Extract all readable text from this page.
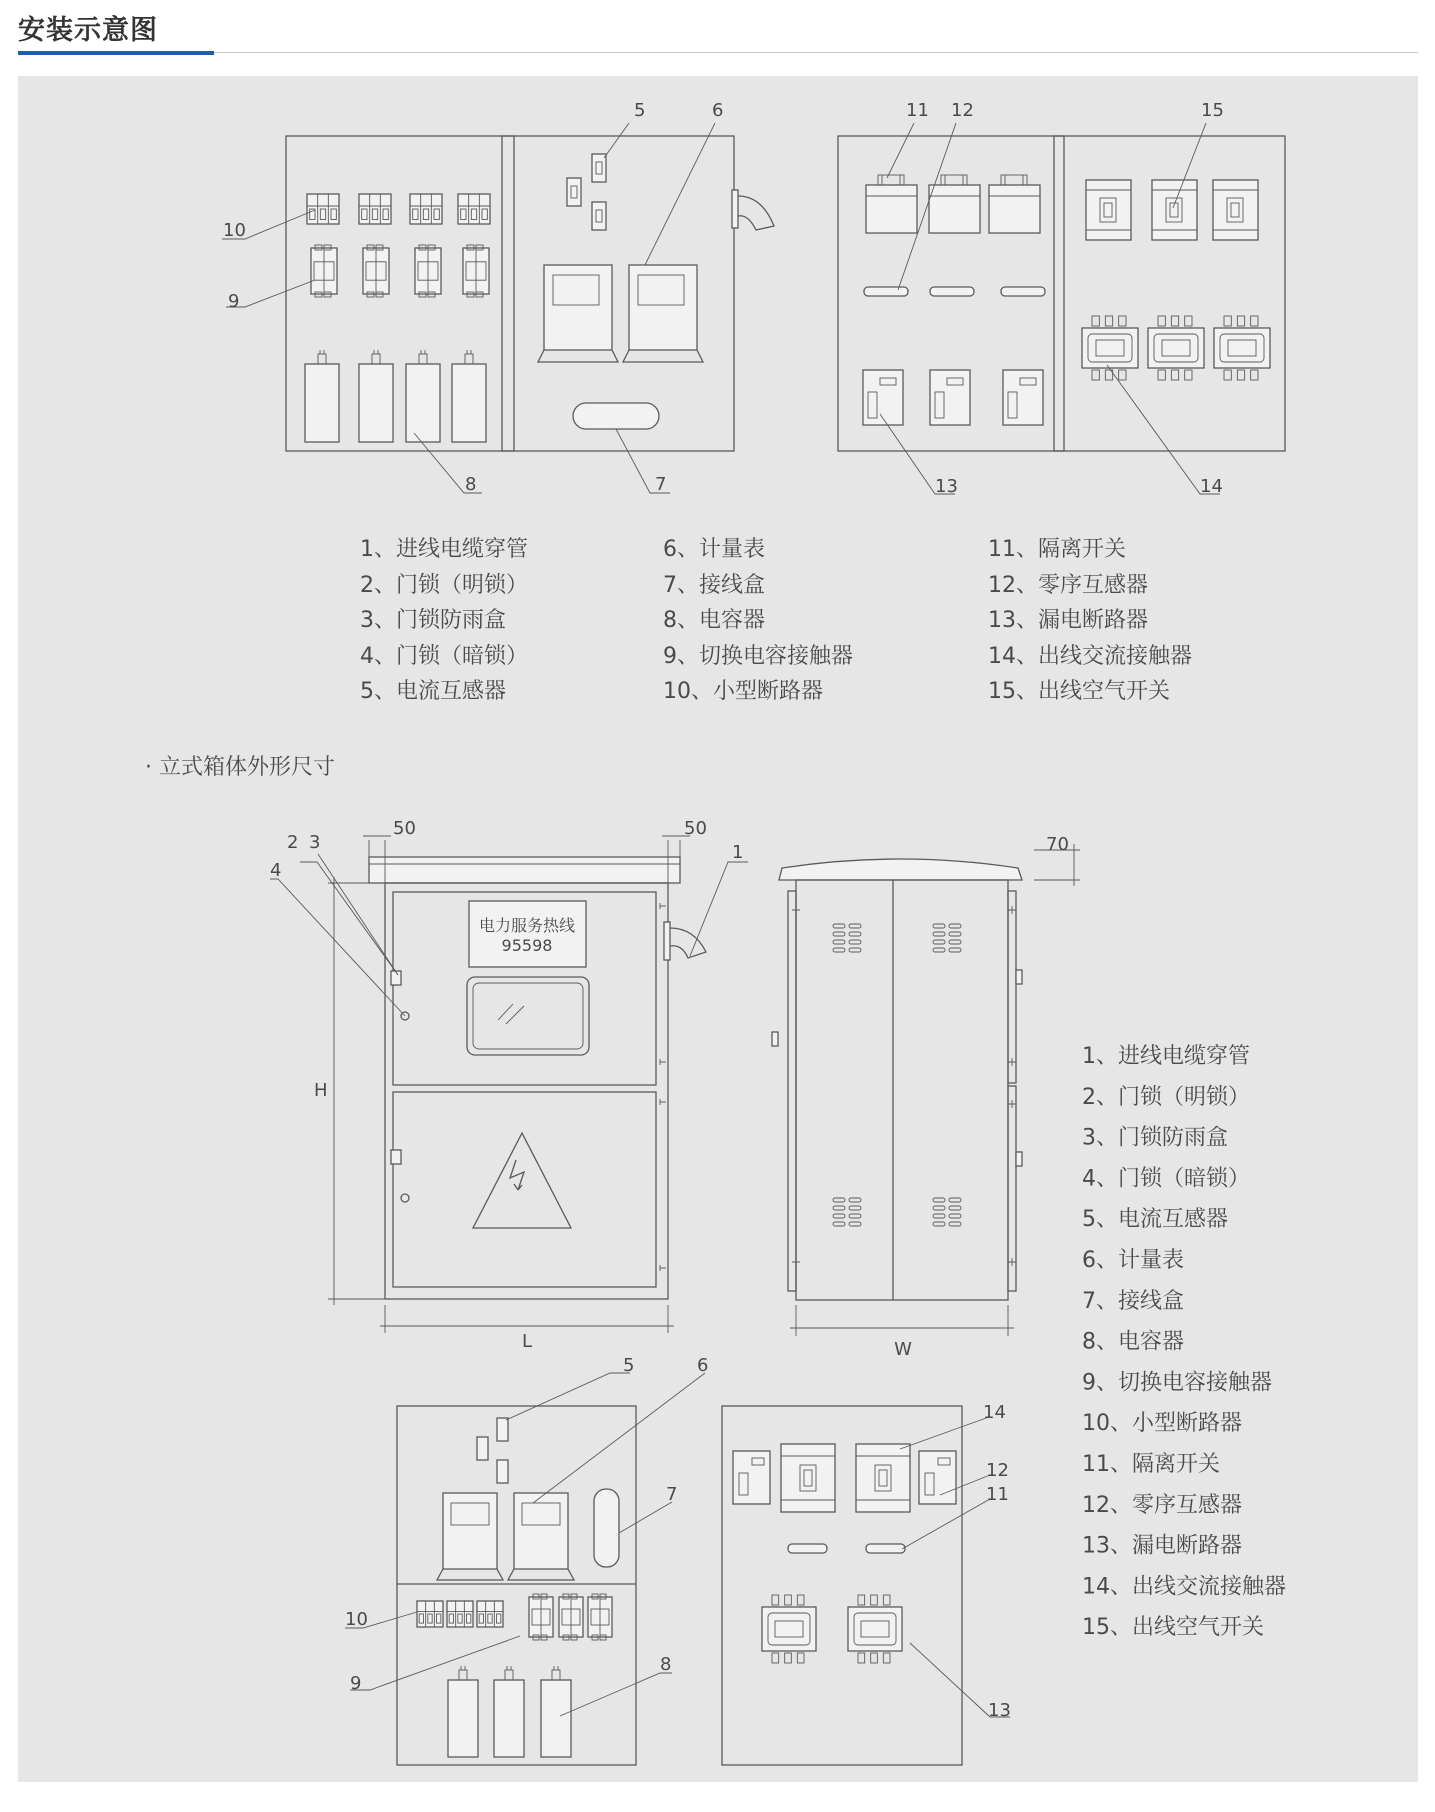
安装示意图
5	6
10
9
8	7
11 12	15
13	14
1、进线电缆穿管
2、门锁（明锁）
3、门锁防雨盒
4、门锁（暗锁）
5、电流互感器
6、计量表
7、接线盒
8、电容器
9、切换电容接触器
10、小型断路器
11、隔离开关
12、零序互感器
13、漏电断路器
14、出线交流接触器
15、出线空气开关
· 立式箱体外形尺寸
电力服务热线
95598
50	50
H
L
2 3
4
1	70
W
1、进线电缆穿管
2、门锁（明锁）
3、门锁防雨盒
4、门锁（暗锁）
5、电流互感器
6、计量表
7、接线盒
8、电容器
9、切换电容接触器
10、小型断路器
11、隔离开关
12、零序互感器
13、漏电断路器
14、出线交流接触器
15、出线空气开关
5	6
7
10
9
8
14
12
11
13
